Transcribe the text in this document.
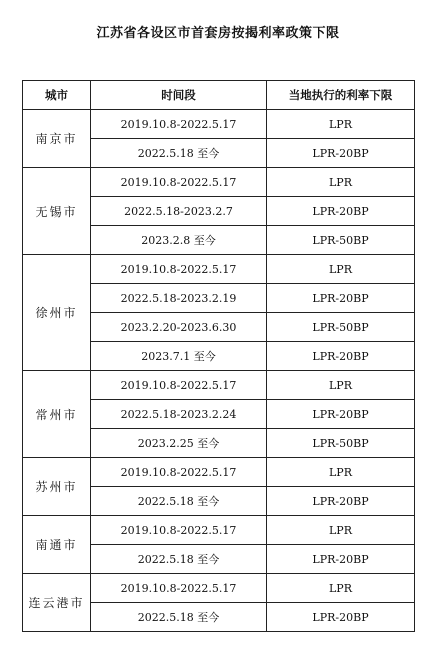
江苏省各设区市首套房按揭利率政策下限
城市	时间段	当地执行的利率下限
南京市	2019.10.8-2022.5.17	LPR
	2022.5.18 至今	LPR-20BP
无锡市	2019.10.8-2022.5.17	LPR
	2022.5.18-2023.2.7	LPR-20BP
	2023.2.8 至今	LPR-50BP
徐州市	2019.10.8-2022.5.17	LPR
	2022.5.18-2023.2.19	LPR-20BP
	2023.2.20-2023.6.30	LPR-50BP
	2023.7.1 至今	LPR-20BP
常州市	2019.10.8-2022.5.17	LPR
	2022.5.18-2023.2.24	LPR-20BP
	2023.2.25 至今	LPR-50BP
苏州市	2019.10.8-2022.5.17	LPR
	2022.5.18 至今	LPR-20BP
南通市	2019.10.8-2022.5.17	LPR
	2022.5.18 至今	LPR-20BP
连云港市	2019.10.8-2022.5.17	LPR
	2022.5.18 至今	LPR-20BP
